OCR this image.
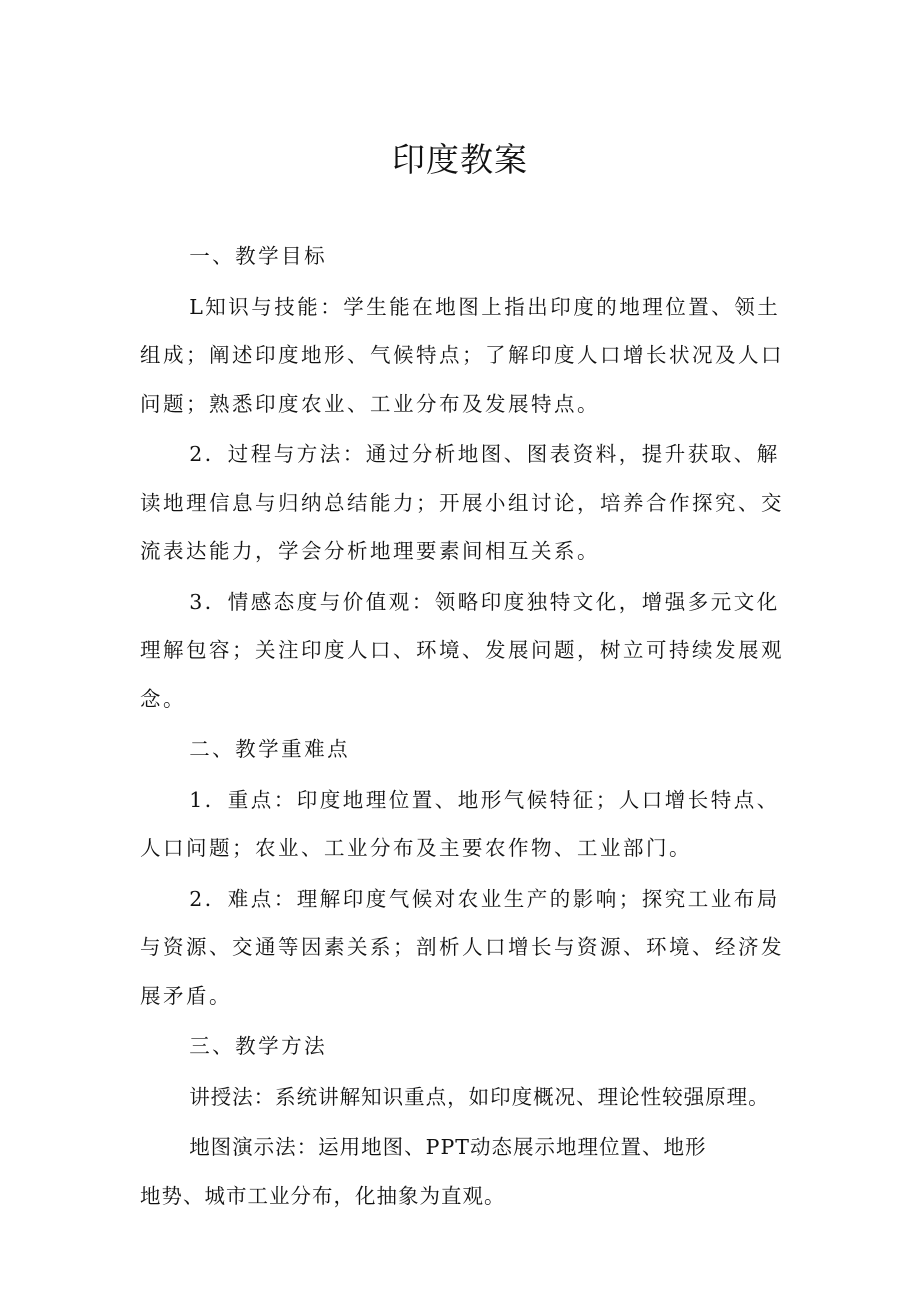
印度教案

一、教学目标

L知识与技能：学生能在地图上指出印度的地理位置、领土组成；阐述印度地形、气候特点；了解印度人口增长状况及人口问题；熟悉印度农业、工业分布及发展特点。

2．过程与方法：通过分析地图、图表资料，提升获取、解读地理信息与归纳总结能力；开展小组讨论，培养合作探究、交流表达能力，学会分析地理要素间相互关系。

3．情感态度与价值观：领略印度独特文化，增强多元文化理解包容；关注印度人口、环境、发展问题，树立可持续发展观念。

二、教学重难点

1．重点：印度地理位置、地形气候特征；人口增长特点、人口问题；农业、工业分布及主要农作物、工业部门。

2．难点：理解印度气候对农业生产的影响；探究工业布局与资源、交通等因素关系；剖析人口增长与资源、环境、经济发展矛盾。

三、教学方法

讲授法：系统讲解知识重点，如印度概况、理论性较强原理。

地图演示法：运用地图、PPT动态展示地理位置、地形
地势、城市工业分布，化抽象为直观。
